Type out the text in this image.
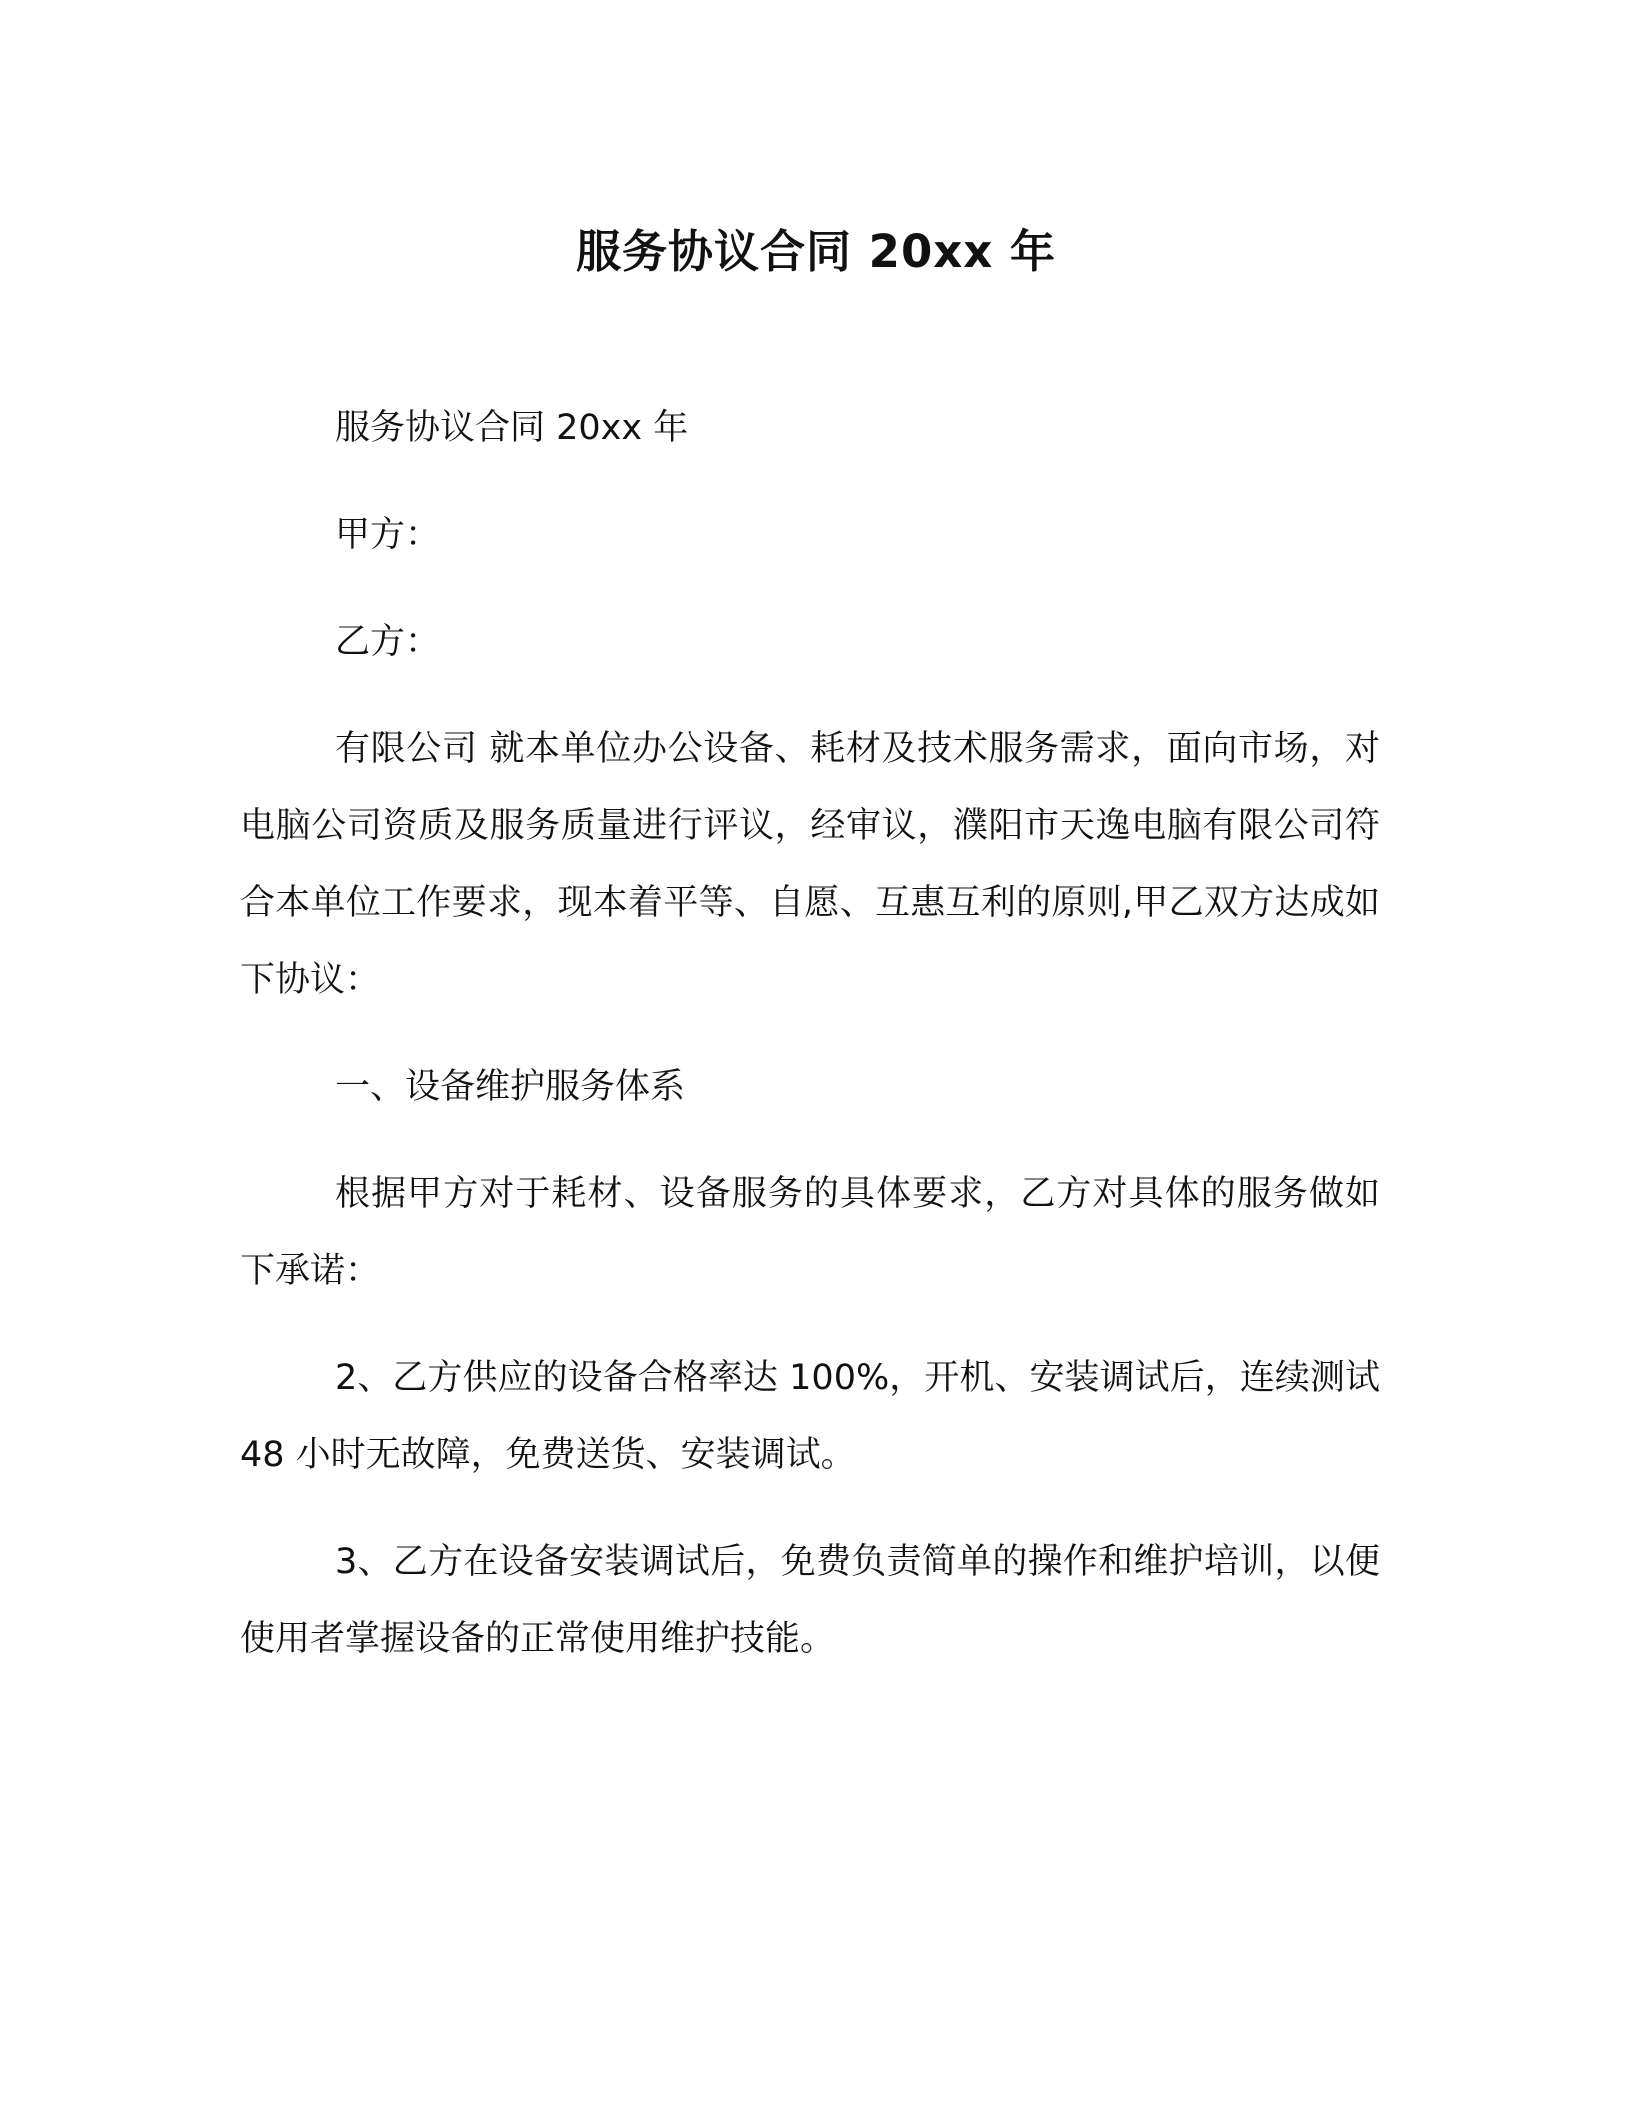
服务协议合同 20xx 年

服务协议合同 20xx 年

甲方：

乙方：

有限公司 就本单位办公设备、耗材及技术服务需求，面向市场，对电脑公司资质及服务质量进行评议，经审议，濮阳市天逸电脑有限公司符合本单位工作要求，现本着平等、自愿、互惠互利的原则,甲乙双方达成如下协议：

一、设备维护服务体系

根据甲方对于耗材、设备服务的具体要求，乙方对具体的服务做如下承诺：

2、乙方供应的设备合格率达 100%，开机、安装调试后，连续测试 48 小时无故障，免费送货、安装调试。

3、乙方在设备安装调试后，免费负责简单的操作和维护培训，以便使用者掌握设备的正常使用维护技能。
